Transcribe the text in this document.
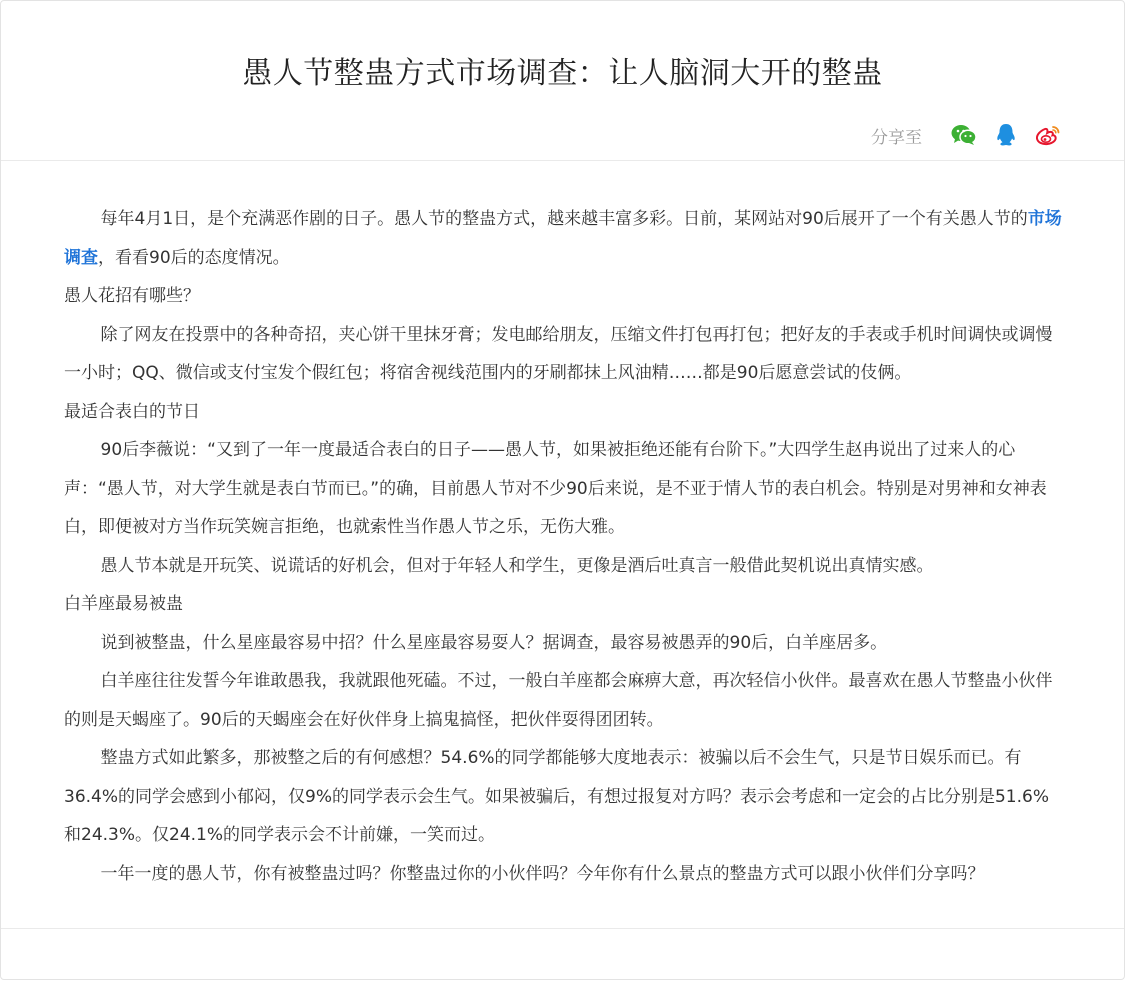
愚人节整蛊方式市场调查：让人脑洞大开的整蛊
分享至

每年4月1日，是个充满恶作剧的日子。愚人节的整蛊方式，越来越丰富多彩。日前，某网站对90后展开了一个有关愚人节的市场调查，看看90后的态度情况。

愚人花招有哪些？

除了网友在投票中的各种奇招，夹心饼干里抹牙膏；发电邮给朋友，压缩文件打包再打包；把好友的手表或手机时间调快或调慢一小时；QQ、微信或支付宝发个假红包；将宿舍视线范围内的牙刷都抹上风油精……都是90后愿意尝试的伎俩。

最适合表白的节日

90后李薇说：“又到了一年一度最适合表白的日子——愚人节，如果被拒绝还能有台阶下。”大四学生赵冉说出了过来人的心声：“愚人节，对大学生就是表白节而已。”的确，目前愚人节对不少90后来说，是不亚于情人节的表白机会。特别是对男神和女神表白，即便被对方当作玩笑婉言拒绝，也就索性当作愚人节之乐，无伤大雅。

愚人节本就是开玩笑、说谎话的好机会，但对于年轻人和学生，更像是酒后吐真言一般借此契机说出真情实感。

白羊座最易被蛊

说到被整蛊，什么星座最容易中招？什么星座最容易耍人？据调查，最容易被愚弄的90后，白羊座居多。

白羊座往往发誓今年谁敢愚我，我就跟他死磕。不过，一般白羊座都会麻痹大意，再次轻信小伙伴。最喜欢在愚人节整蛊小伙伴的则是天蝎座了。90后的天蝎座会在好伙伴身上搞鬼搞怪，把伙伴耍得团团转。

整蛊方式如此繁多，那被整之后的有何感想？54.6%的同学都能够大度地表示：被骗以后不会生气，只是节日娱乐而已。有36.4%的同学会感到小郁闷，仅9%的同学表示会生气。如果被骗后，有想过报复对方吗？表示会考虑和一定会的占比分别是51.6%和24.3%。仅24.1%的同学表示会不计前嫌，一笑而过。

一年一度的愚人节，你有被整蛊过吗？你整蛊过你的小伙伴吗？今年你有什么景点的整蛊方式可以跟小伙伴们分享吗？
